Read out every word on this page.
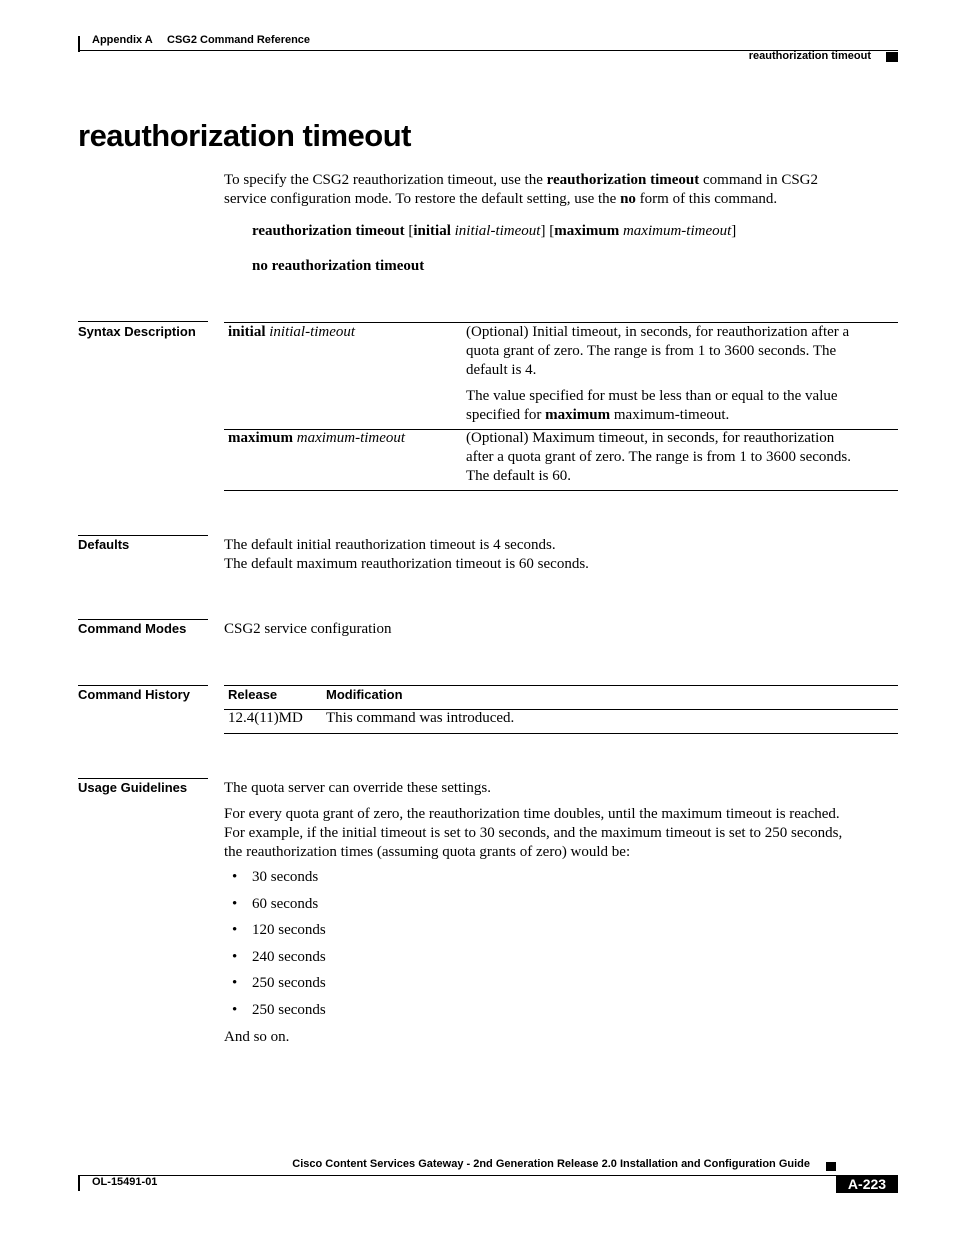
Appendix A CSG2 Command Reference
reauthorization timeout
reauthorization timeout
To specify the CSG2 reauthorization timeout, use the reauthorization timeout command in CSG2
service configuration mode. To restore the default setting, use the no form of this command.
reauthorization timeout [initial initial-timeout] [maximum maximum-timeout]
no reauthorization timeout
Syntax Description	initial initial-timeout	(Optional) Initial timeout, in seconds, for reauthorization after a
quota grant of zero. The range is from 1 to 3600 seconds. The
default is 4.
The value specified for must be less than or equal to the value
specified for maximum maximum-timeout.
maximum maximum-timeout	(Optional) Maximum timeout, in seconds, for reauthorization
after a quota grant of zero. The range is from 1 to 3600 seconds.
The default is 60.
Defaults	The default initial reauthorization timeout is 4 seconds.
The default maximum reauthorization timeout is 60 seconds.
Command Modes	CSG2 service configuration
Command History	Release	Modification
12.4(11)MD This command was introduced.
Usage Guidelines	The quota server can override these settings.
For every quota grant of zero, the reauthorization time doubles, until the maximum timeout is reached.
For example, if the initial timeout is set to 30 seconds, and the maximum timeout is set to 250 seconds,
the reauthorization times (assuming quota grants of zero) would be:
• 30 seconds
• 60 seconds
• 120 seconds
• 240 seconds
• 250 seconds
• 250 seconds
And so on.
Cisco Content Services Gateway - 2nd Generation Release 2.0 Installation and Configuration Guide
OL-15491-01	A-223
